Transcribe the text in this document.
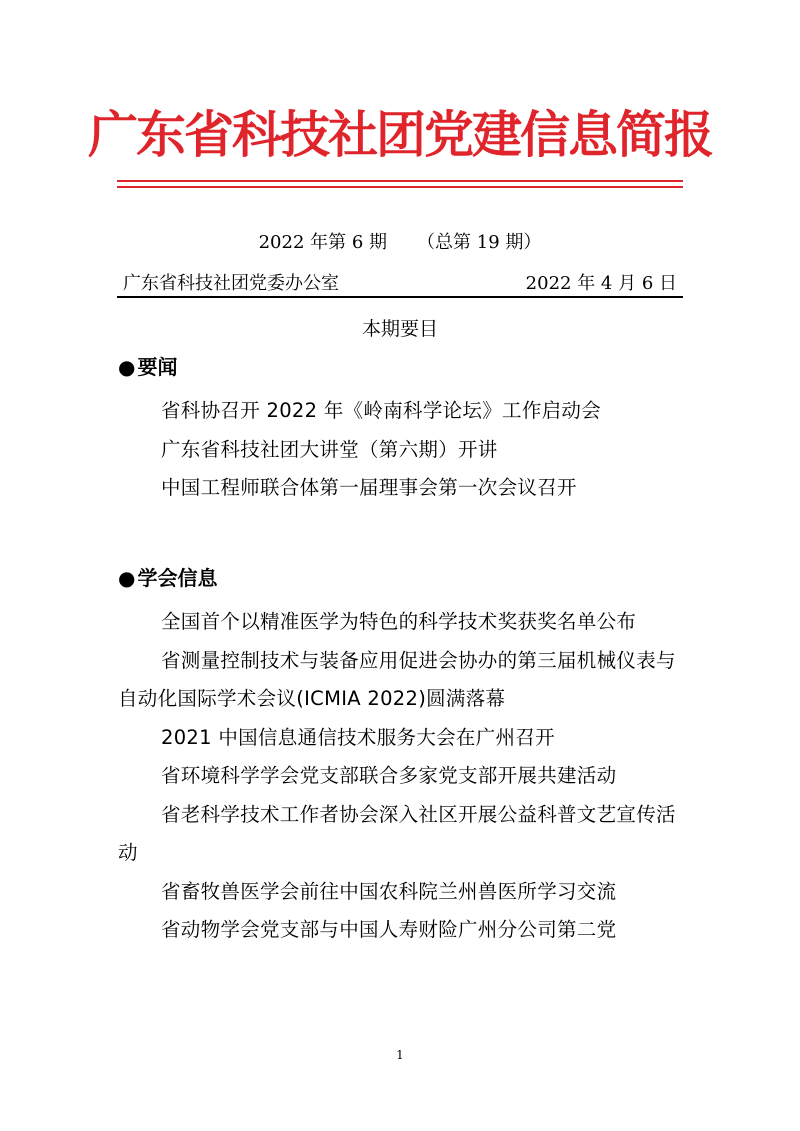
广东省科技社团党建信息简报
2022 年第 6 期 （总第 19 期）
广东省科技社团党委办公室	2022 年 4 月 6 日
本期要目
● 要闻
省科协召开 2022 年《岭南科学论坛》工作启动会
广东省科技社团大讲堂（第六期）开讲
中国工程师联合体第一届理事会第一次会议召开
● 学会信息
全国首个以精准医学为特色的科学技术奖获奖名单公布
省测量控制技术与装备应用促进会协办的第三届机械仪表与自动化国际学术会议(ICMIA 2022)圆满落幕
2021 中国信息通信技术服务大会在广州召开
省环境科学学会党支部联合多家党支部开展共建活动
省老科学技术工作者协会深入社区开展公益科普文艺宣传活动
省畜牧兽医学会前往中国农科院兰州兽医所学习交流
省动物学会党支部与中国人寿财险广州分公司第二党
1
